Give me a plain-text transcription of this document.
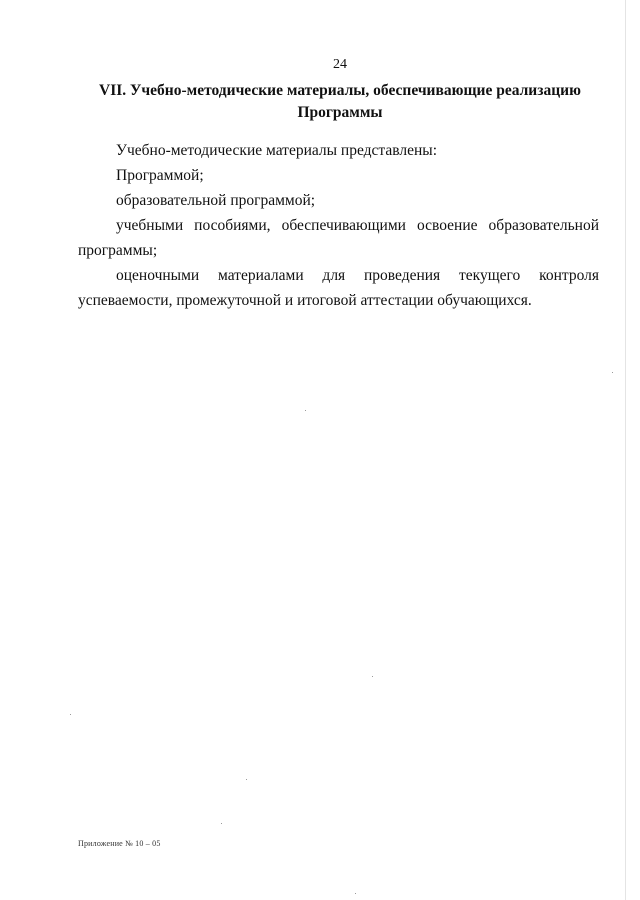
24
VII. Учебно-методические материалы, обеспечивающие реализацию
Программы

Учебно-методические материалы представлены:

Программой;

образовательной программой;

учебными пособиями, обеспечивающими освоение образовательной программы;

оценочными материалами для проведения текущего контроля успеваемости, промежуточной и итоговой аттестации обучающихся.

Приложение № 10 – 05
